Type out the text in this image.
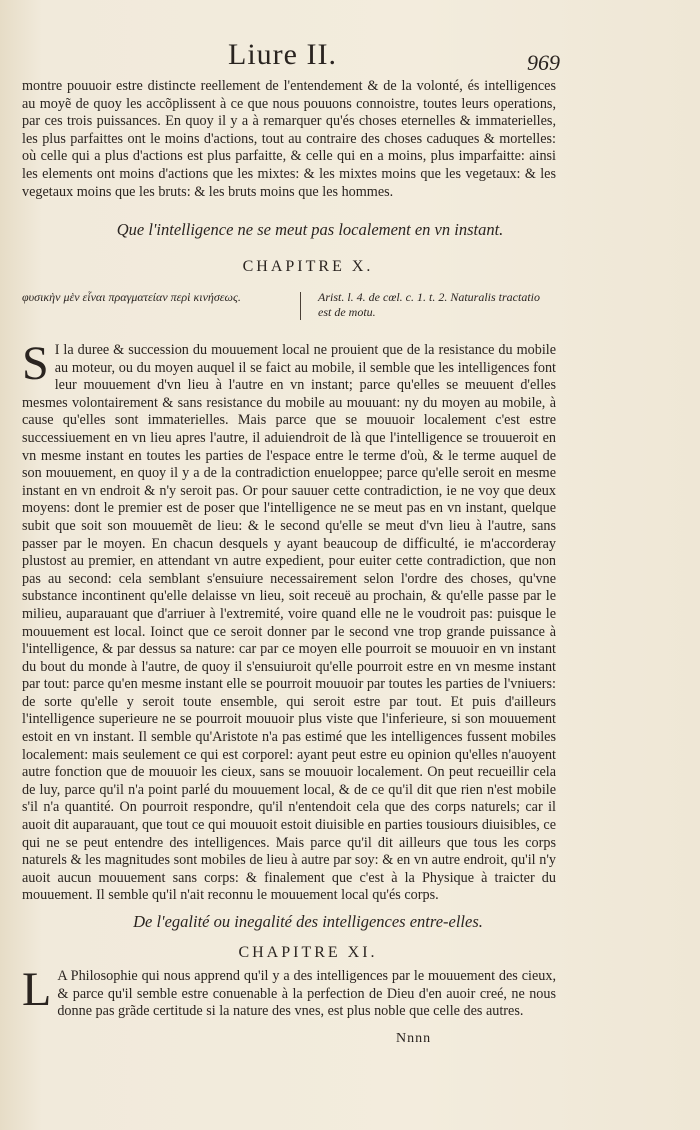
Liure II.	969

montre pouuoir estre distincte reellement de l'entendement & de la volonté, és intelligences au moyẽ de quoy les accõplissent à ce que nous pouuons connoistre, toutes leurs operations, par ces trois puissances. En quoy il y a à remarquer qu'és choses eternelles & immaterielles, les plus parfaittes ont le moins d'actions, tout au contraire des choses caduques & mortelles: où celle qui a plus d'actions est plus parfaitte, & celle qui en a moins, plus imparfaitte: ainsi les elements ont moins d'actions que les mixtes: & les mixtes moins que les vegetaux: & les vegetaux moins que les bruts: & les bruts moins que les hommes.

Que l'intelligence ne se meut pas localement en vn instant.
CHAPITRE X.
φυσικὴν μὲν εἶναι πραγματείαν περὶ κινήσεως.	Arist. l. 4. de cœl. c. 1. t. 2. Naturalis tractatio est de motu.
S I la duree & succession du mouuement local ne prouient que de la resistance du mobile au moteur, ou du moyen auquel il se faict au mobile, il semble que les intelligences font leur mouuement d'vn lieu à l'autre en vn instant; parce qu'elles se meuuent d'elles mesmes volontairement & sans resistance du mobile au mouuant: ny du moyen au mobile, à cause qu'elles sont immaterielles. Mais parce que se mouuoir localement c'est estre successiuement en vn lieu apres l'autre, il aduiendroit de là que l'intelligence se trouueroit en vn mesme instant en toutes les parties de l'espace entre le terme d'où, & le terme auquel de son mouuement, en quoy il y a de la contradiction enueloppee; parce qu'elle seroit en mesme instant en vn endroit & n'y seroit pas. Or pour sauuer cette contradiction, ie ne voy que deux moyens: dont le premier est de poser que l'intelligence ne se meut pas en vn instant, quelque subit que soit son mouuemẽt de lieu: & le second qu'elle se meut d'vn lieu à l'autre, sans passer par le moyen. En chacun desquels y ayant beaucoup de difficulté, ie m'accorderay plustost au premier, en attendant vn autre expedient, pour euiter cette contradiction, que non pas au second: cela semblant s'ensuiure necessairement selon l'ordre des choses, qu'vne substance incontinent qu'elle delaisse vn lieu, soit receuë au prochain, & qu'elle passe par le milieu, auparauant que d'arriuer à l'extremité, voire quand elle ne le voudroit pas: puisque le mouuement est local. Ioinct que ce seroit donner par le second vne trop grande puissance à l'intelligence, & par dessus sa nature: car par ce moyen elle pourroit se mouuoir en vn instant du bout du monde à l'autre, de quoy il s'ensuiuroit qu'elle pourroit estre en vn mesme instant par tout: parce qu'en mesme instant elle se pourroit mouuoir par toutes les parties de l'vniuers: de sorte qu'elle y seroit toute ensemble, qui seroit estre par tout. Et puis d'ailleurs l'intelligence superieure ne se pourroit mouuoir plus viste que l'inferieure, si son mouuement estoit en vn instant. Il semble qu'Aristote n'a pas estimé que les intelligences fussent mobiles localement: mais seulement ce qui est corporel: ayant peut estre eu opinion qu'elles n'auoyent autre fonction que de mouuoir les cieux, sans se mouuoir localement. On peut recueillir cela de luy, parce qu'il n'a point parlé du mouuement local, & de ce qu'il dit que rien n'est mobile s'il n'a quantité. On pourroit respondre, qu'il n'entendoit cela que des corps naturels; car il auoit dit auparauant, que tout ce qui mouuoit estoit diuisible en parties tousiours diuisibles, ce qui ne se peut entendre des intelligences. Mais parce qu'il dit ailleurs que tous les corps naturels & les magnitudes sont mobiles de lieu à autre par soy: & en vn autre endroit, qu'il n'y auoit aucun mouuement sans corps: & finalement que c'est à la Physique à traicter du mouuement. Il semble qu'il n'ait reconnu le mouuement local qu'és corps.

De l'egalité ou inegalité des intelligences entre-elles.
CHAPITRE XI.
L A Philosophie qui nous apprend qu'il y a des intelligences par le mouuement des cieux, & parce qu'il semble estre conuenable à la perfection de Dieu d'en auoir creé, ne nous donne pas grãde certitude si la nature des vnes, est plus noble que celle des autres.

Nnnn
